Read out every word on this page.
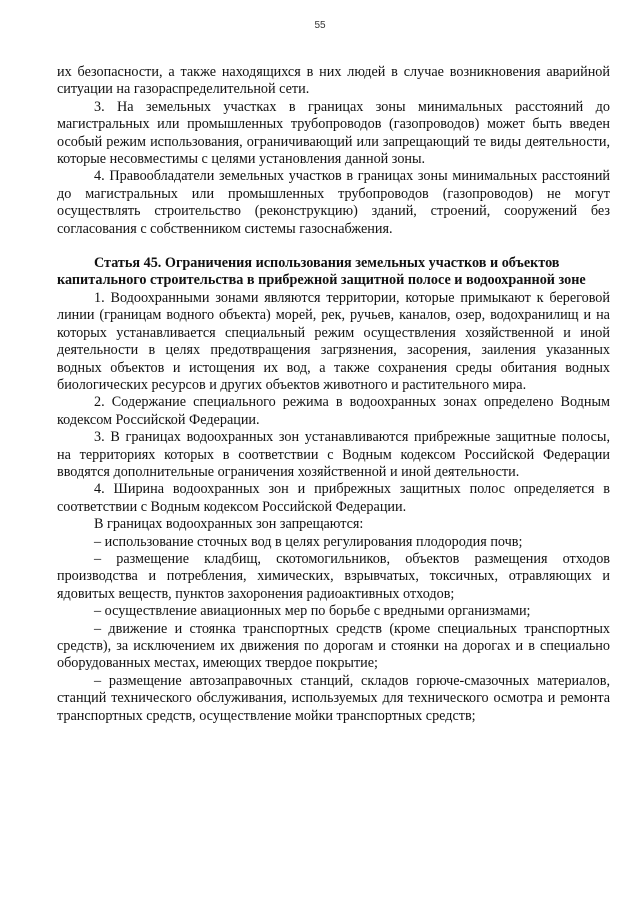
55

их безопасности, а также находящихся в них людей в случае возникновения аварийной ситуации на газораспределительной сети.

3. На земельных участках в границах зоны минимальных расстояний до магистральных или промышленных трубопроводов (газопроводов) может быть введен особый режим использования, ограничивающий или запрещающий те виды деятельности, которые несовместимы с целями установления данной зоны.

4. Правообладатели земельных участков в границах зоны минимальных расстояний до магистральных или промышленных трубопроводов (газопроводов) не могут осуществлять строительство (реконструкцию) зданий, строений, сооружений без согласования с собственником системы газоснабжения.

Статья 45. Ограничения использования земельных участков и объектов капитального строительства в прибрежной защитной полосе и водоохранной зоне

1. Водоохранными зонами являются территории, которые примыкают к береговой линии (границам водного объекта) морей, рек, ручьев, каналов, озер, водохранилищ и на которых устанавливается специальный режим осуществления хозяйственной и иной деятельности в целях предотвращения загрязнения, засорения, заиления указанных водных объектов и истощения их вод, а также сохранения среды обитания водных биологических ресурсов и других объектов животного и растительного мира.

2. Содержание специального режима в водоохранных зонах определено Водным кодексом Российской Федерации.

3. В границах водоохранных зон устанавливаются прибрежные защитные полосы, на территориях которых в соответствии с Водным кодексом Российской Федерации вводятся дополнительные ограничения хозяйственной и иной деятельности.

4. Ширина водоохранных зон и прибрежных защитных полос определяется в соответствии с Водным кодексом Российской Федерации.

В границах водоохранных зон запрещаются:

– использование сточных вод в целях регулирования плодородия почв;

– размещение кладбищ, скотомогильников, объектов размещения отходов производства и потребления, химических, взрывчатых, токсичных, отравляющих и ядовитых веществ, пунктов захоронения радиоактивных отходов;

– осуществление авиационных мер по борьбе с вредными организмами;

– движение и стоянка транспортных средств (кроме специальных транспортных средств), за исключением их движения по дорогам и стоянки на дорогах и в специально оборудованных местах, имеющих твердое покрытие;

– размещение автозаправочных станций, складов горюче-смазочных материалов, станций технического обслуживания, используемых для технического осмотра и ремонта транспортных средств, осуществление мойки транспортных средств;
